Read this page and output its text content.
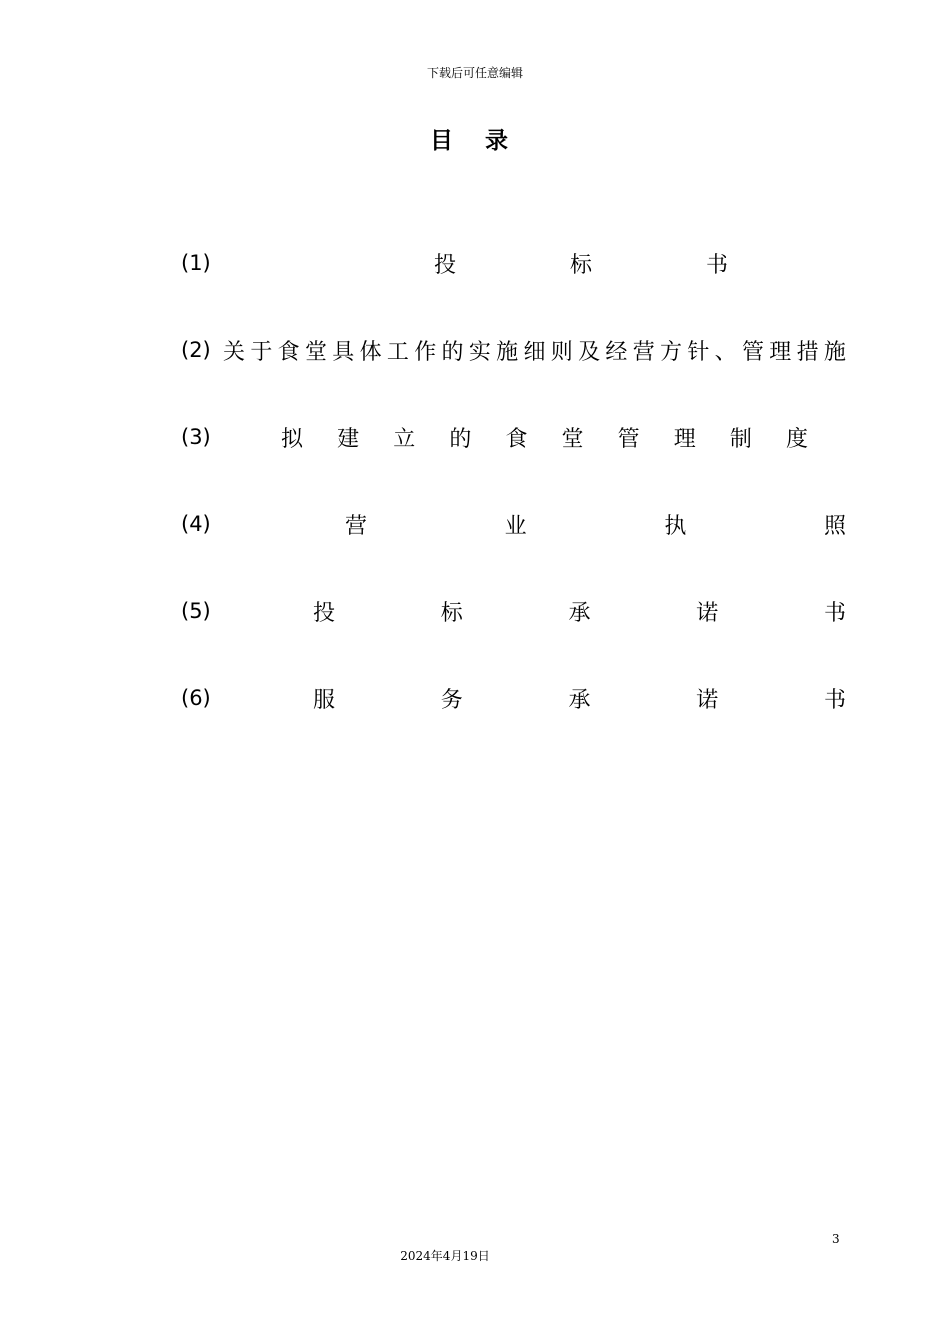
下载后可任意编辑
目 录
(1)	投	标	书
(2) 关 于 食 堂 具 体 工 作 的 实 施 细 则 及 经 营 方 针 、 管 理 措 施
(3)	拟 建 立 的 食 堂 管 理 制 度
(4)	营	业	执	照
(5)	投	标	承	诺	书
(6)	服	务	承	诺	书
3
2024年4月19日
